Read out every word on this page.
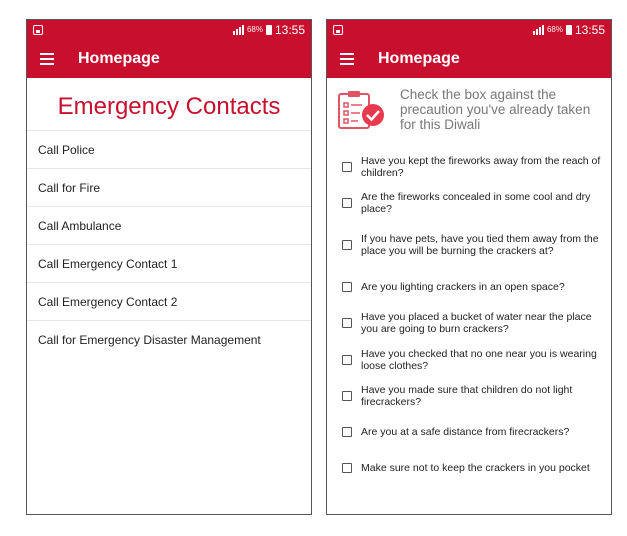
68% 13:55
Homepage
Emergency Contacts
Call Police
Call for Fire
Call Ambulance
Call Emergency Contact 1
Call Emergency Contact 2
Call for Emergency Disaster Management
68% 13:55
Homepage
Check the box against the precaution you've already taken for this Diwali
Have you kept the fireworks away from the reach of children?
Are the fireworks concealed in some cool and dry place?
If you have pets, have you tied them away from the place you will be burning the crackers at?
Are you lighting crackers in an open space?
Have you placed a bucket of water near the place you are going to burn crackers?
Have you checked that no one near you is wearing loose clothes?
Have you made sure that children do not light firecrackers?
Are you at a safe distance from firecrackers?
Make sure not to keep the crackers in you pocket
